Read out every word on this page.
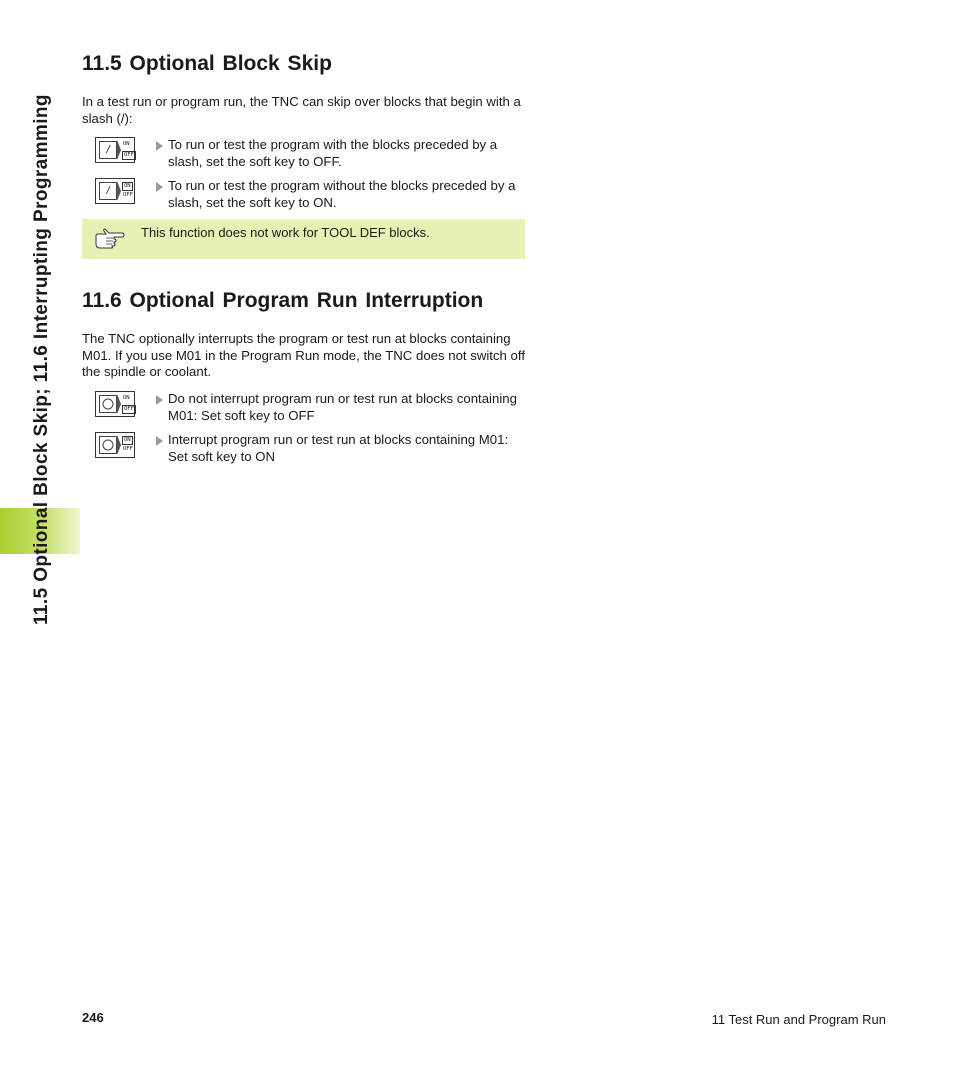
11.5 Optional Block Skip; 11.6 Interrupting Programming
11.5 Optional Block Skip

In a test run or program run, the TNC can skip over blocks that begin with a slash (/):

/	ON
OFF
To run or test the program with the blocks preceded by a slash, set the soft key to OFF.
/	ON
OFF
To run or test the program without the blocks preceded by a slash, set the soft key to ON.
This function does not work for TOOL DEF blocks.
11.6 Optional Program Run Interruption

The TNC optionally interrupts the program or test run at blocks containing M01. If you use M01 in the Program Run mode, the TNC does not switch off the spindle or coolant.

ON
OFF
Do not interrupt program run or test run at blocks containing M01: Set soft key to OFF
ON
OFF
Interrupt program run or test run at blocks containing M01: Set soft key to ON
246	11 Test Run and Program Run
